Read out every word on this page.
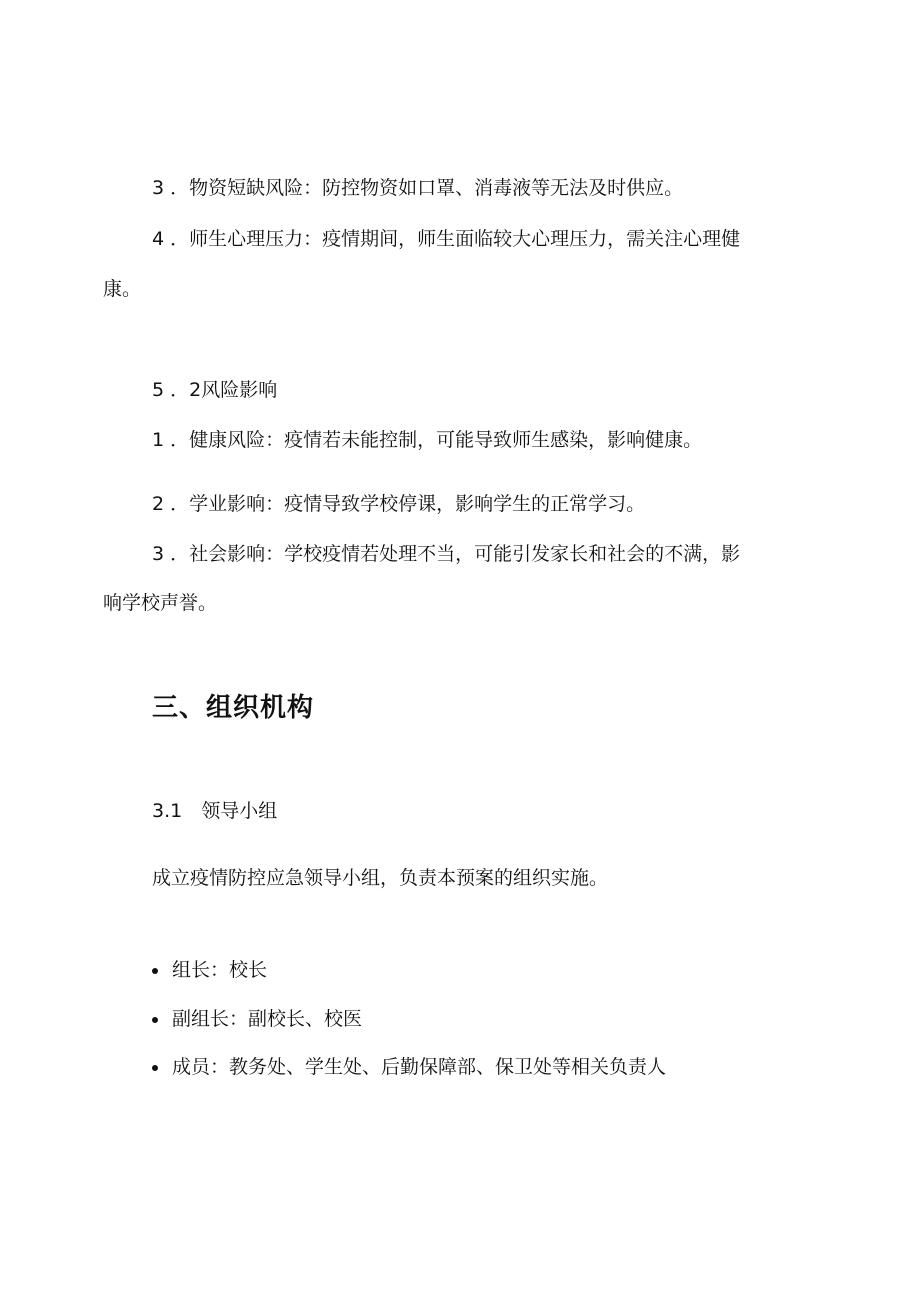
3 ．物资短缺风险：防控物资如口罩、消毒液等无法及时供应。
4 ．师生心理压力：疫情期间，师生面临较大心理压力，需关注心理健
康。
5 ．2风险影响
1 ．健康风险：疫情若未能控制，可能导致师生感染，影响健康。
2 ．学业影响：疫情导致学校停课，影响学生的正常学习。
3 ．社会影响：学校疫情若处理不当，可能引发家长和社会的不满，影
响学校声誉。
三、组织机构
3.1　领导小组
成立疫情防控应急领导小组，负责本预案的组织实施。
组长：校长
副组长：副校长、校医
成员：教务处、学生处、后勤保障部、保卫处等相关负责人
